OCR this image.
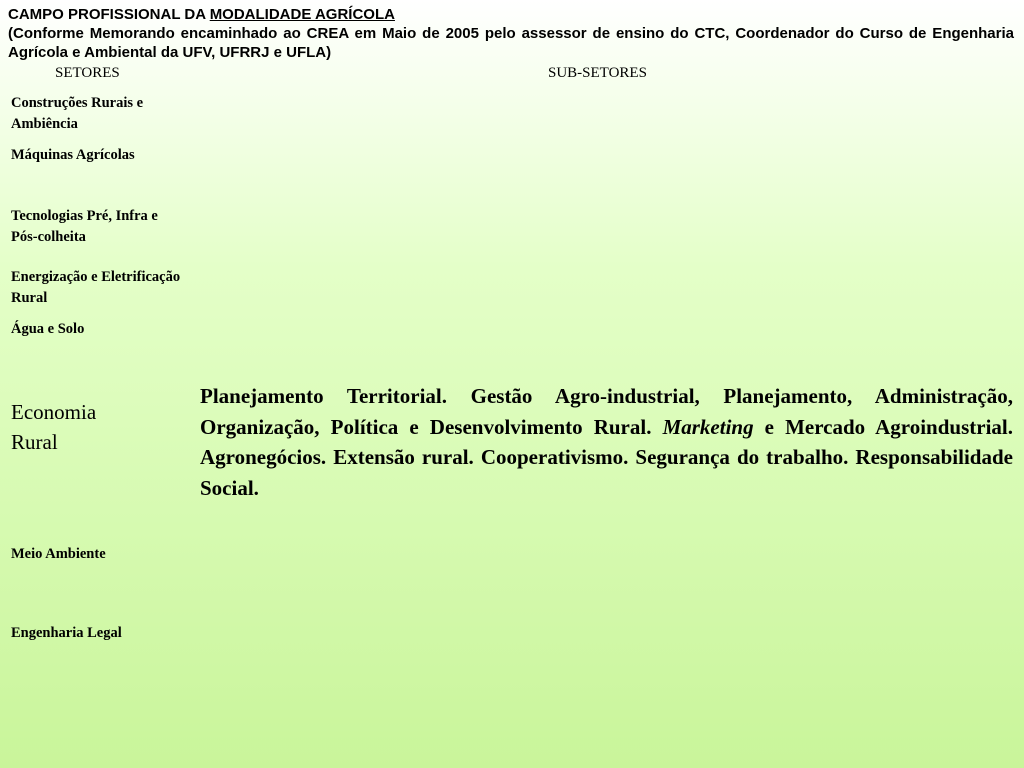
CAMPO PROFISSIONAL DA MODALIDADE AGRÍCOLA
(Conforme Memorando encaminhado ao CREA em Maio de 2005 pelo assessor de ensino do CTC, Coordenador do Curso de Engenharia Agrícola e Ambiental da UFV, UFRRJ e UFLA)
SETORES	SUB-SETORES
Construções Rurais e Ambiência
Máquinas Agrícolas
Tecnologias Pré, Infra e Pós-colheita
Energização e Eletrificação Rural
Água e Solo
Economia Rural
Meio Ambiente
Engenharia Legal
Planejamento Territorial. Gestão Agro-industrial, Planejamento, Administração, Organização, Política e Desenvolvimento Rural. Marketing e Mercado Agroindustrial. Agronegócios. Extensão rural. Cooperativismo. Segurança do trabalho. Responsabilidade Social.
